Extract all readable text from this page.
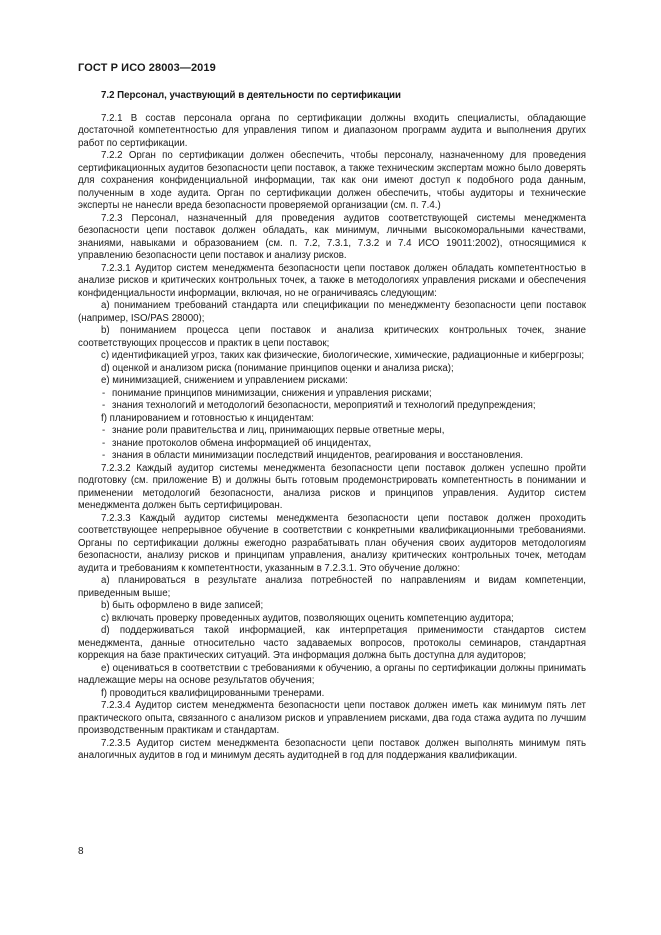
ГОСТ Р ИСО 28003—2019

7.2 Персонал, участвующий в деятельности по сертификации

7.2.1 В состав персонала органа по сертификации должны входить специалисты, обладающие достаточной компетентностью для управления типом и диапазоном программ аудита и выполнения других работ по сертификации.

7.2.2 Орган по сертификации должен обеспечить, чтобы персоналу, назначенному для проведения сертификационных аудитов безопасности цепи поставок, а также техническим экспертам можно было доверять для сохранения конфиденциальной информации, так как они имеют доступ к подобного рода данным, полученным в ходе аудита. Орган по сертификации должен обеспечить, чтобы аудиторы и технические эксперты не нанесли вреда безопасности проверяемой организации (см. п. 7.4.)

7.2.3 Персонал, назначенный для проведения аудитов соответствующей системы менеджмента безопасности цепи поставок должен обладать, как минимум, личными высокоморальными качествами, знаниями, навыками и образованием (см. п. 7.2, 7.3.1, 7.3.2 и 7.4 ИСО 19011:2002), относящимися к управлению безопасности цепи поставок и анализу рисков.

7.2.3.1 Аудитор систем менеджмента безопасности цепи поставок должен обладать компетентностью в анализе рисков и критических контрольных точек, а также в методологиях управления рисками и обеспечения конфиденциальности информации, включая, но не ограничиваясь следующим:

a) пониманием требований стандарта или спецификации по менеджменту безопасности цепи поставок (например, ISO/PAS 28000);

b) пониманием процесса цепи поставок и анализа критических контрольных точек, знание соответствующих процессов и практик в цепи поставок;

c) идентификацией угроз, таких как физические, биологические, химические, радиационные и кибергрозы;

d) оценкой и анализом риска (понимание принципов оценки и анализа риска);

e) минимизацией, снижением и управлением рисками:

- понимание принципов минимизации, снижения и управления рисками;

- знания технологий и методологий безопасности, мероприятий и технологий предупреждения;

f) планированием и готовностью к инцидентам:

- знание роли правительства и лиц, принимающих первые ответные меры,

- знание протоколов обмена информацией об инцидентах,

- знания в области минимизации последствий инцидентов, реагирования и восстановления.

7.2.3.2 Каждый аудитор системы менеджмента безопасности цепи поставок должен успешно пройти подготовку (см. приложение B) и должны быть готовым продемонстрировать компетентность в понимании и применении методологий безопасности, анализа рисков и принципов управления. Аудитор систем менеджмента должен быть сертифицирован.

7.2.3.3 Каждый аудитор системы менеджмента безопасности цепи поставок должен проходить соответствующее непрерывное обучение в соответствии с конкретными квалификационными требованиями. Органы по сертификации должны ежегодно разрабатывать план обучения своих аудиторов методологиям безопасности, анализу рисков и принципам управления, анализу критических контрольных точек, методам аудита и требованиям к компетентности, указанным в 7.2.3.1. Это обучение должно:

a) планироваться в результате анализа потребностей по направлениям и видам компетенции, приведенным выше;

b) быть оформлено в виде записей;

c) включать проверку проведенных аудитов, позволяющих оценить компетенцию аудитора;

d) поддерживаться такой информацией, как интерпретация применимости стандартов систем менеджмента, данные относительно часто задаваемых вопросов, протоколы семинаров, стандартная коррекция на базе практических ситуаций. Эта информация должна быть доступна для аудиторов;

e) оцениваться в соответствии с требованиями к обучению, а органы по сертификации должны принимать надлежащие меры на основе результатов обучения;

f) проводиться квалифицированными тренерами.

7.2.3.4 Аудитор систем менеджмента безопасности цепи поставок должен иметь как минимум пять лет практического опыта, связанного с анализом рисков и управлением рисками, два года стажа аудита по лучшим производственным практикам и стандартам.

7.2.3.5 Аудитор систем менеджмента безопасности цепи поставок должен выполнять минимум пять аналогичных аудитов в год и минимум десять аудитодней в год для поддержания квалификации.

8
